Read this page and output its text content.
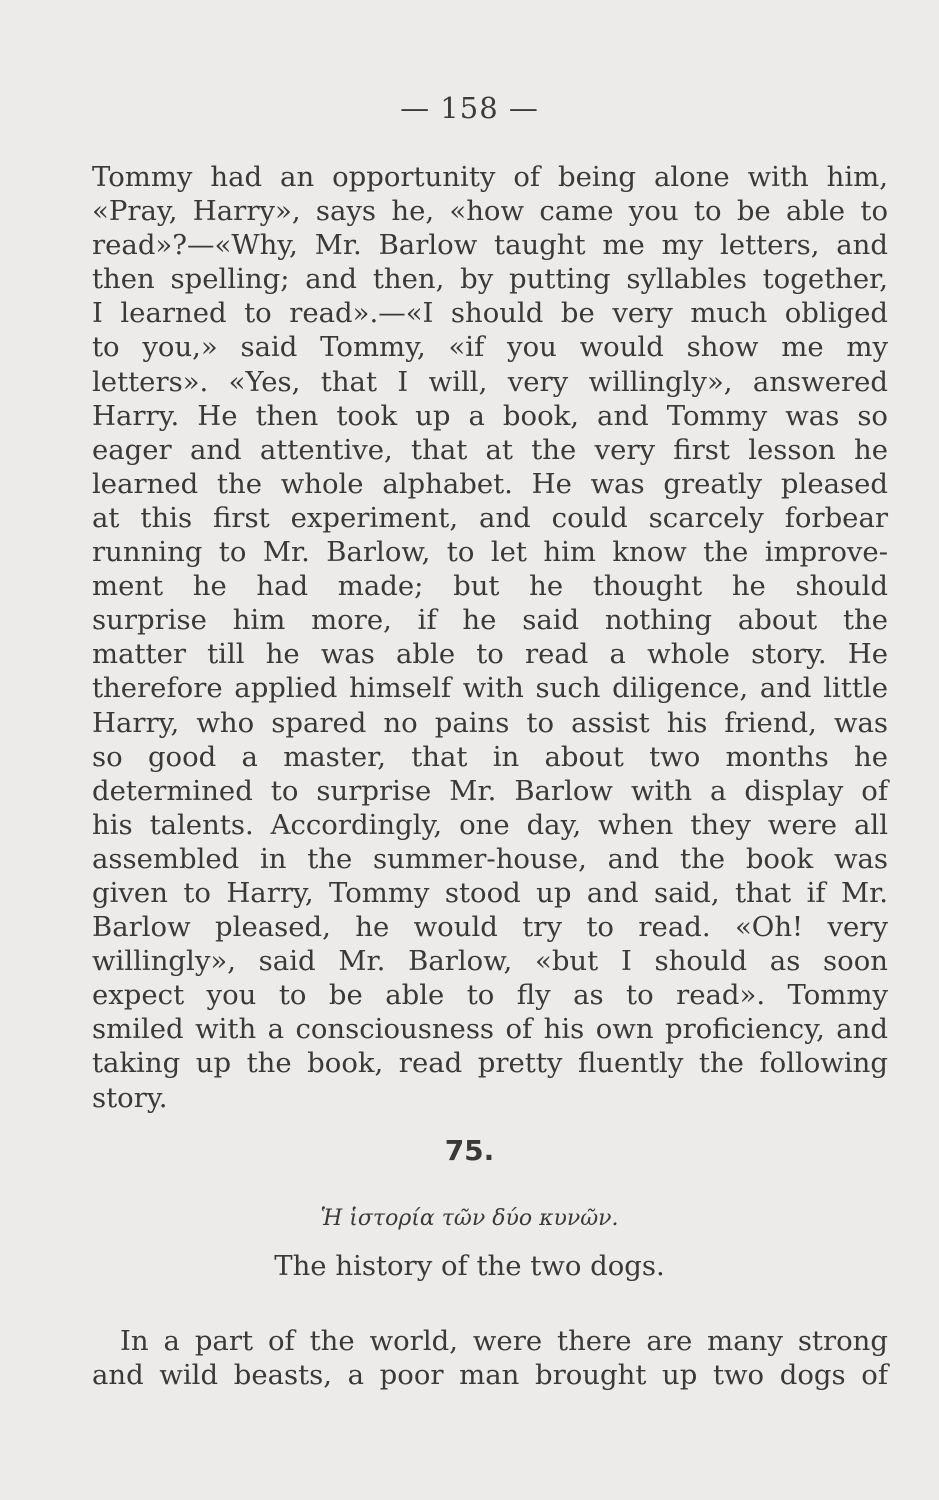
— 158 —
Tommy had an opportunity of being alone with him,
«Pray, Harry», says he, «how came you to be able to
read»?—«Why, Mr. Barlow taught me my letters, and
then spelling; and then, by putting syllables together,
I learned to read».—«I should be very much obliged
to you,» said Tommy, «if you would show me my
letters». «Yes, that I will, very willingly», answered
Harry. He then took up a book, and Tommy was so
eager and attentive, that at the very first lesson he
learned the whole alphabet. He was greatly pleased
at this first experiment, and could scarcely forbear
running to Mr. Barlow, to let him know the improve-
ment he had made; but he thought he should
surprise him more, if he said nothing about the
matter till he was able to read a whole story. He
therefore applied himself with such diligence, and little
Harry, who spared no pains to assist his friend, was
so good a master, that in about two months he
determined to surprise Mr. Barlow with a display of
his talents. Accordingly, one day, when they were all
assembled in the summer-house, and the book was
given to Harry, Tommy stood up and said, that if Mr.
Barlow pleased, he would try to read. «Oh! very
willingly», said Mr. Barlow, «but I should as soon
expect you to be able to fly as to read». Tommy
smiled with a consciousness of his own proficiency, and
taking up the book, read pretty fluently the following
story.
75.
Ἡ ἱστορία τῶν δύο κυνῶν.
The history of the two dogs.
In a part of the world, were there are many strong
and wild beasts, a poor man brought up two dogs of
